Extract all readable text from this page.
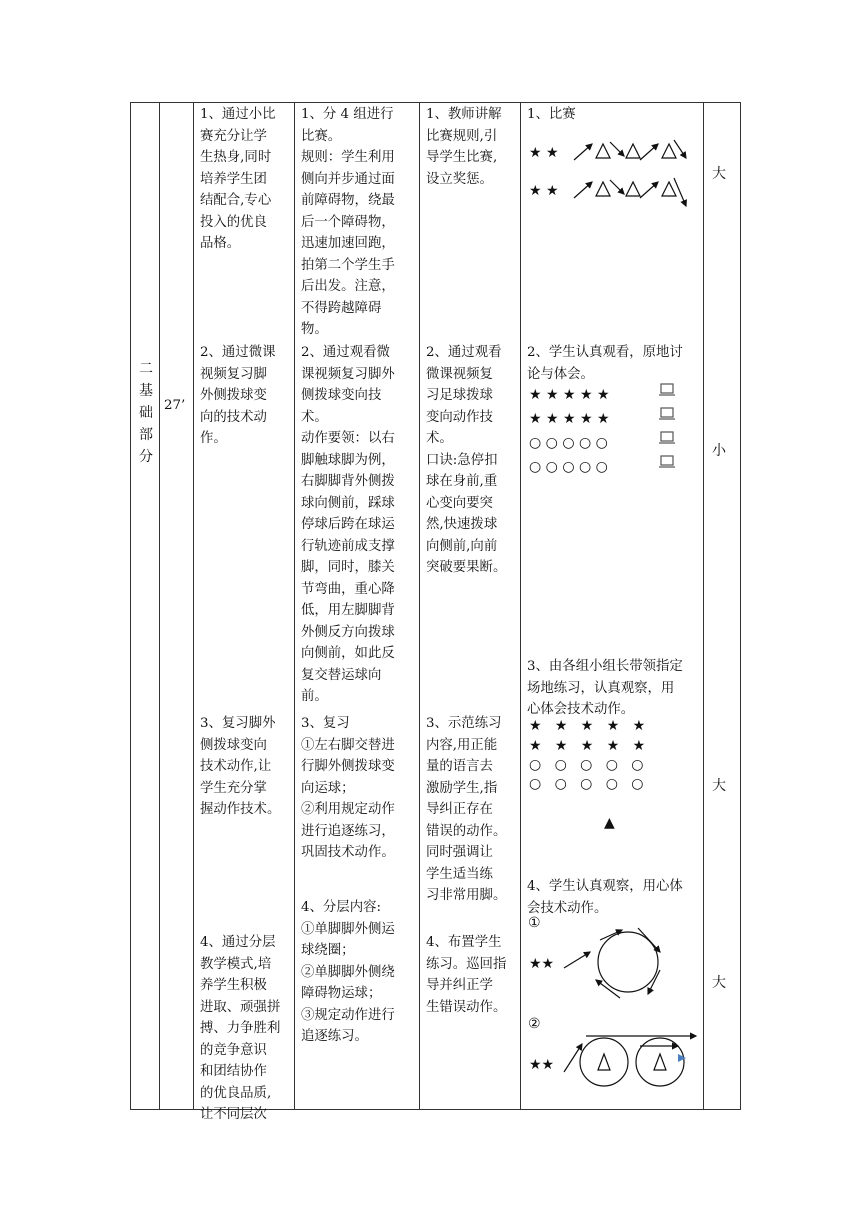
二
基
础
部
分
27’
1、通过小比
赛充分让学
生热身,同时
培养学生团
结配合,专心
投入的优良
品格。
1、分 4 组进行
比赛。
规则：学生利用
侧向并步通过面
前障碍物，绕最
后一个障碍物，
迅速加速回跑，
拍第二个学生手
后出发。注意，
不得跨越障碍
物。
1、教师讲解
比赛规则,引
导学生比赛,
设立奖惩。
1、比赛
大
★ ★
★ ★
2、通过微课
视频复习脚
外侧拨球变
向的技术动
作。
2、通过观看微
课视频复习脚外
侧拨球变向技
术。
动作要领：以右
脚触球脚为例，
右脚脚背外侧拨
球向侧前，踩球
停球后跨在球运
行轨迹前成支撑
脚，同时，膝关
节弯曲，重心降
低，用左脚脚背
外侧反方向拨球
向侧前，如此反
复交替运球向
前。
2、通过观看
微课视频复
习足球拨球
变向动作技
术。
口诀:急停扣
球在身前,重
心变向要突
然,快速拨球
向侧前,向前
突破要果断。
2、学生认真观看，原地讨
论与体会。
小
★ ★ ★ ★ ★
★ ★ ★ ★ ★
○ ○ ○ ○ ○
○ ○ ○ ○ ○
3、由各组小组长带领指定
场地练习，认真观察，用
心体会技术动作。
3、复习脚外
侧拨球变向
技术动作,让
学生充分掌
握动作技术。
3、复习
①左右脚交替进
行脚外侧拨球变
向运球；
②利用规定动作
进行追逐练习，
巩固技术动作。
3、示范练习
内容,用正能
量的语言去
激励学生,指
导纠正存在
错误的动作。
同时强调让
学生适当练
习非常用脚。
大
★   ★   ★   ★   ★
★   ★   ★   ★   ★
○   ○   ○   ○   ○
○   ○   ○   ○   ○
▲
4、学生认真观察，用心体
会技术动作。
4、分层内容:
①单脚脚外侧运
球绕圈；
②单脚脚外侧绕
障碍物运球；
③规定动作进行
追逐练习。
4、通过分层
教学模式,培
养学生积极
进取、顽强拼
搏、力争胜利
的竞争意识
和团结协作
的优良品质,
让不同层次
4、布置学生
练习。巡回指
导并纠正学
生错误动作。
大
①
★★
②
★★
